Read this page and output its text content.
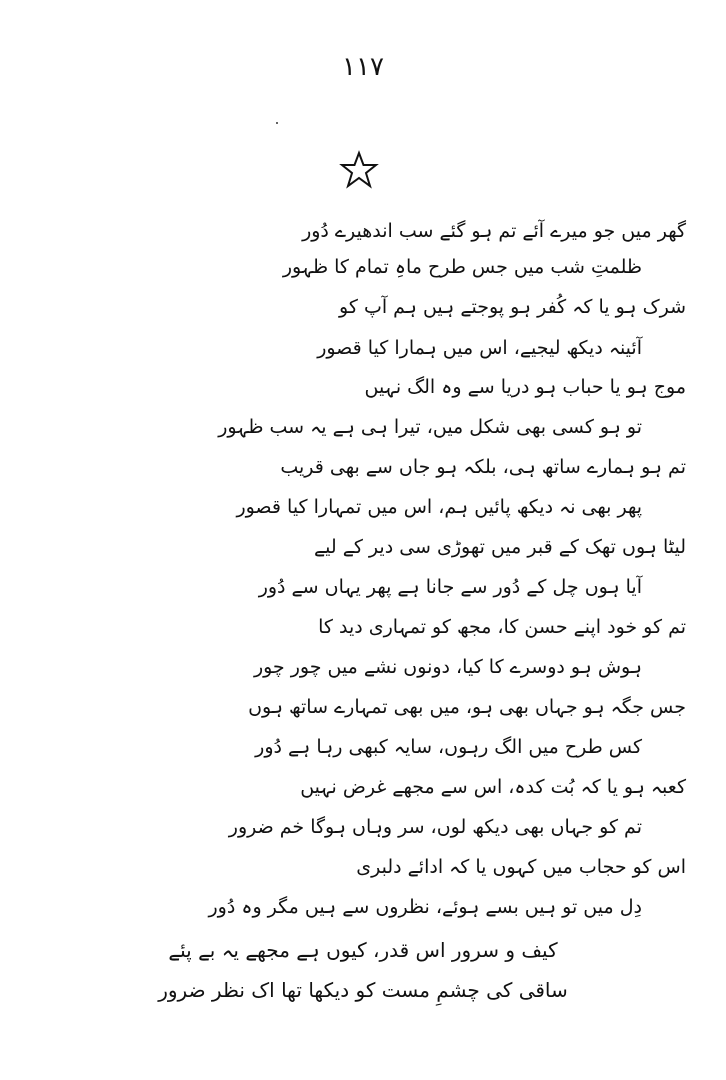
۱۱۷
گھر میں جو میرے آئے تم ہو گئے سب اندھیرے دُور
ظلمتِ شب میں جس طرح ماہِ تمام کا ظہور
شرک ہو یا کہ کُفر ہو پوجتے ہیں ہم آپ کو
آئینہ دیکھ لیجیے، اس میں ہمارا کیا قصور
موج ہو یا حباب ہو دریا سے وہ الگ نہیں
تو ہو کسی بھی شکل میں، تیرا ہی ہے یہ سب ظہور
تم ہو ہمارے ساتھ ہی، بلکہ ہو جاں سے بھی قریب
پھر بھی نہ دیکھ پائیں ہم، اس میں تمہارا کیا قصور
لیٹا ہوں تھک کے قبر میں تھوڑی سی دیر کے لیے
آیا ہوں چل کے دُور سے جانا ہے پھر یہاں سے دُور
تم کو خود اپنے حسن کا، مجھ کو تمہاری دید کا
ہوش ہو دوسرے کا کیا، دونوں نشے میں چور چور
جس جگہ ہو جہاں بھی ہو، میں بھی تمہارے ساتھ ہوں
کس طرح میں الگ رہوں، سایہ کبھی رہا ہے دُور
کعبہ ہو یا کہ بُت کدہ، اس سے مجھے غرض نہیں
تم کو جہاں بھی دیکھ لوں، سر وہاں ہوگا خم ضرور
اس کو حجاب میں کہوں یا کہ ادائے دلبری
دِل میں تو ہیں بسے ہوئے، نظروں سے ہیں مگر وہ دُور
کیف و سرور اس قدر، کیوں ہے مجھے یہ بے پئے
ساقی کی چشمِ مست کو دیکھا تھا اک نظر ضرور
